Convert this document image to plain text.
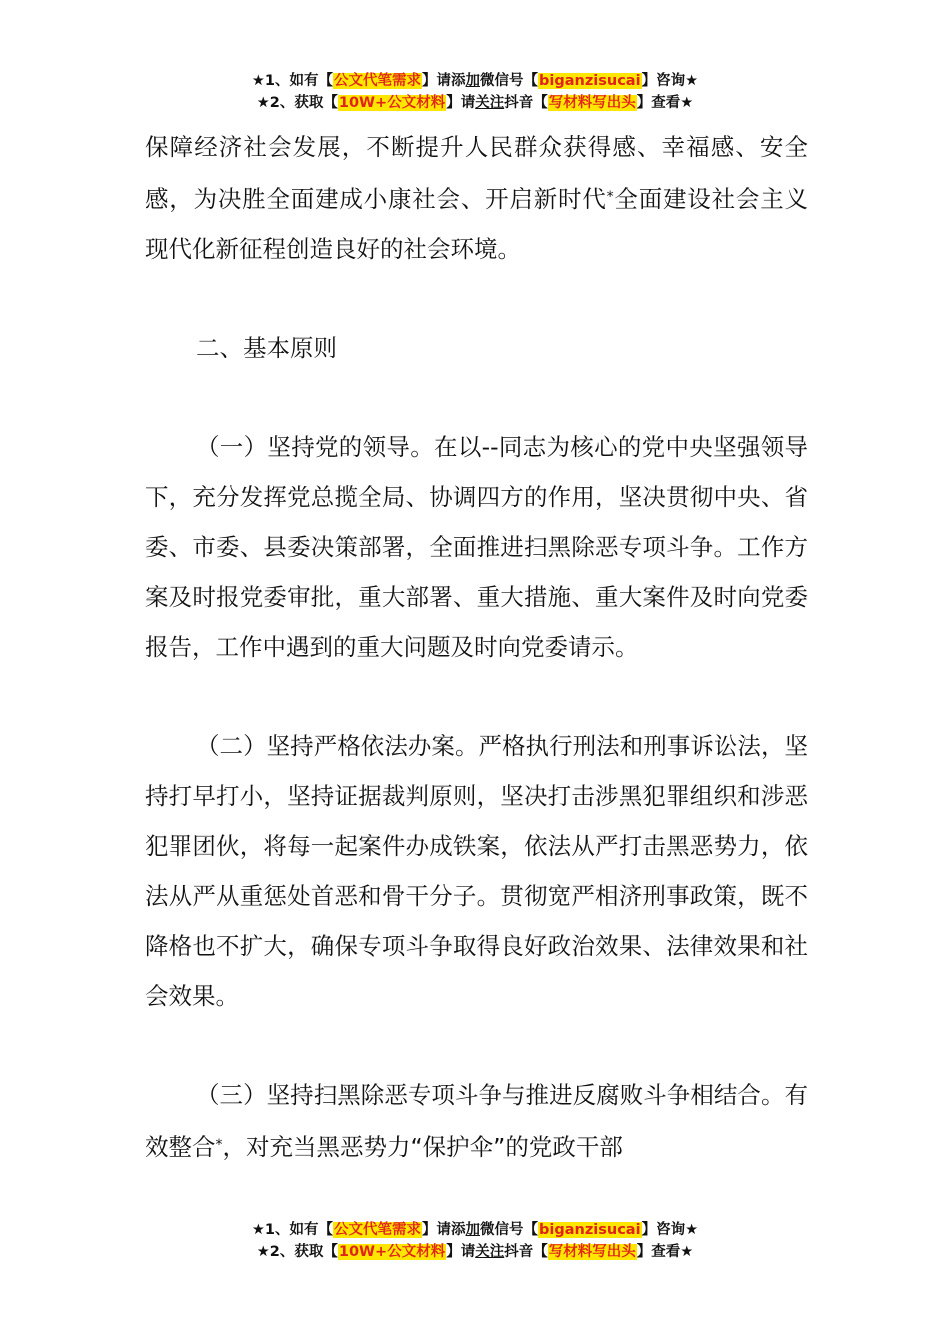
★1、如有【公文代笔需求】请添加微信号【biganzisucai】咨询★
★2、获取【10W+公文材料】请关注抖音【写材料写出头】查看★

保障经济社会发展，不断提升人民群众获得感、幸福感、安全感，为决胜全面建成小康社会、开启新时代*全面建设社会主义现代化新征程创造良好的社会环境。

二、基本原则

（一）坚持党的领导。在以--同志为核心的党中央坚强领导下，充分发挥党总揽全局、协调四方的作用，坚决贯彻中央、省委、市委、县委决策部署，全面推进扫黑除恶专项斗争。工作方案及时报党委审批，重大部署、重大措施、重大案件及时向党委报告，工作中遇到的重大问题及时向党委请示。

（二）坚持严格依法办案。严格执行刑法和刑事诉讼法，坚持打早打小，坚持证据裁判原则，坚决打击涉黑犯罪组织和涉恶犯罪团伙，将每一起案件办成铁案，依法从严打击黑恶势力，依法从严从重惩处首恶和骨干分子。贯彻宽严相济刑事政策，既不降格也不扩大，确保专项斗争取得良好政治效果、法律效果和社会效果。

（三）坚持扫黑除恶专项斗争与推进反腐败斗争相结合。有效整合*，对充当黑恶势力“保护伞”的党政干部

★1、如有【公文代笔需求】请添加微信号【biganzisucai】咨询★
★2、获取【10W+公文材料】请关注抖音【写材料写出头】查看★
